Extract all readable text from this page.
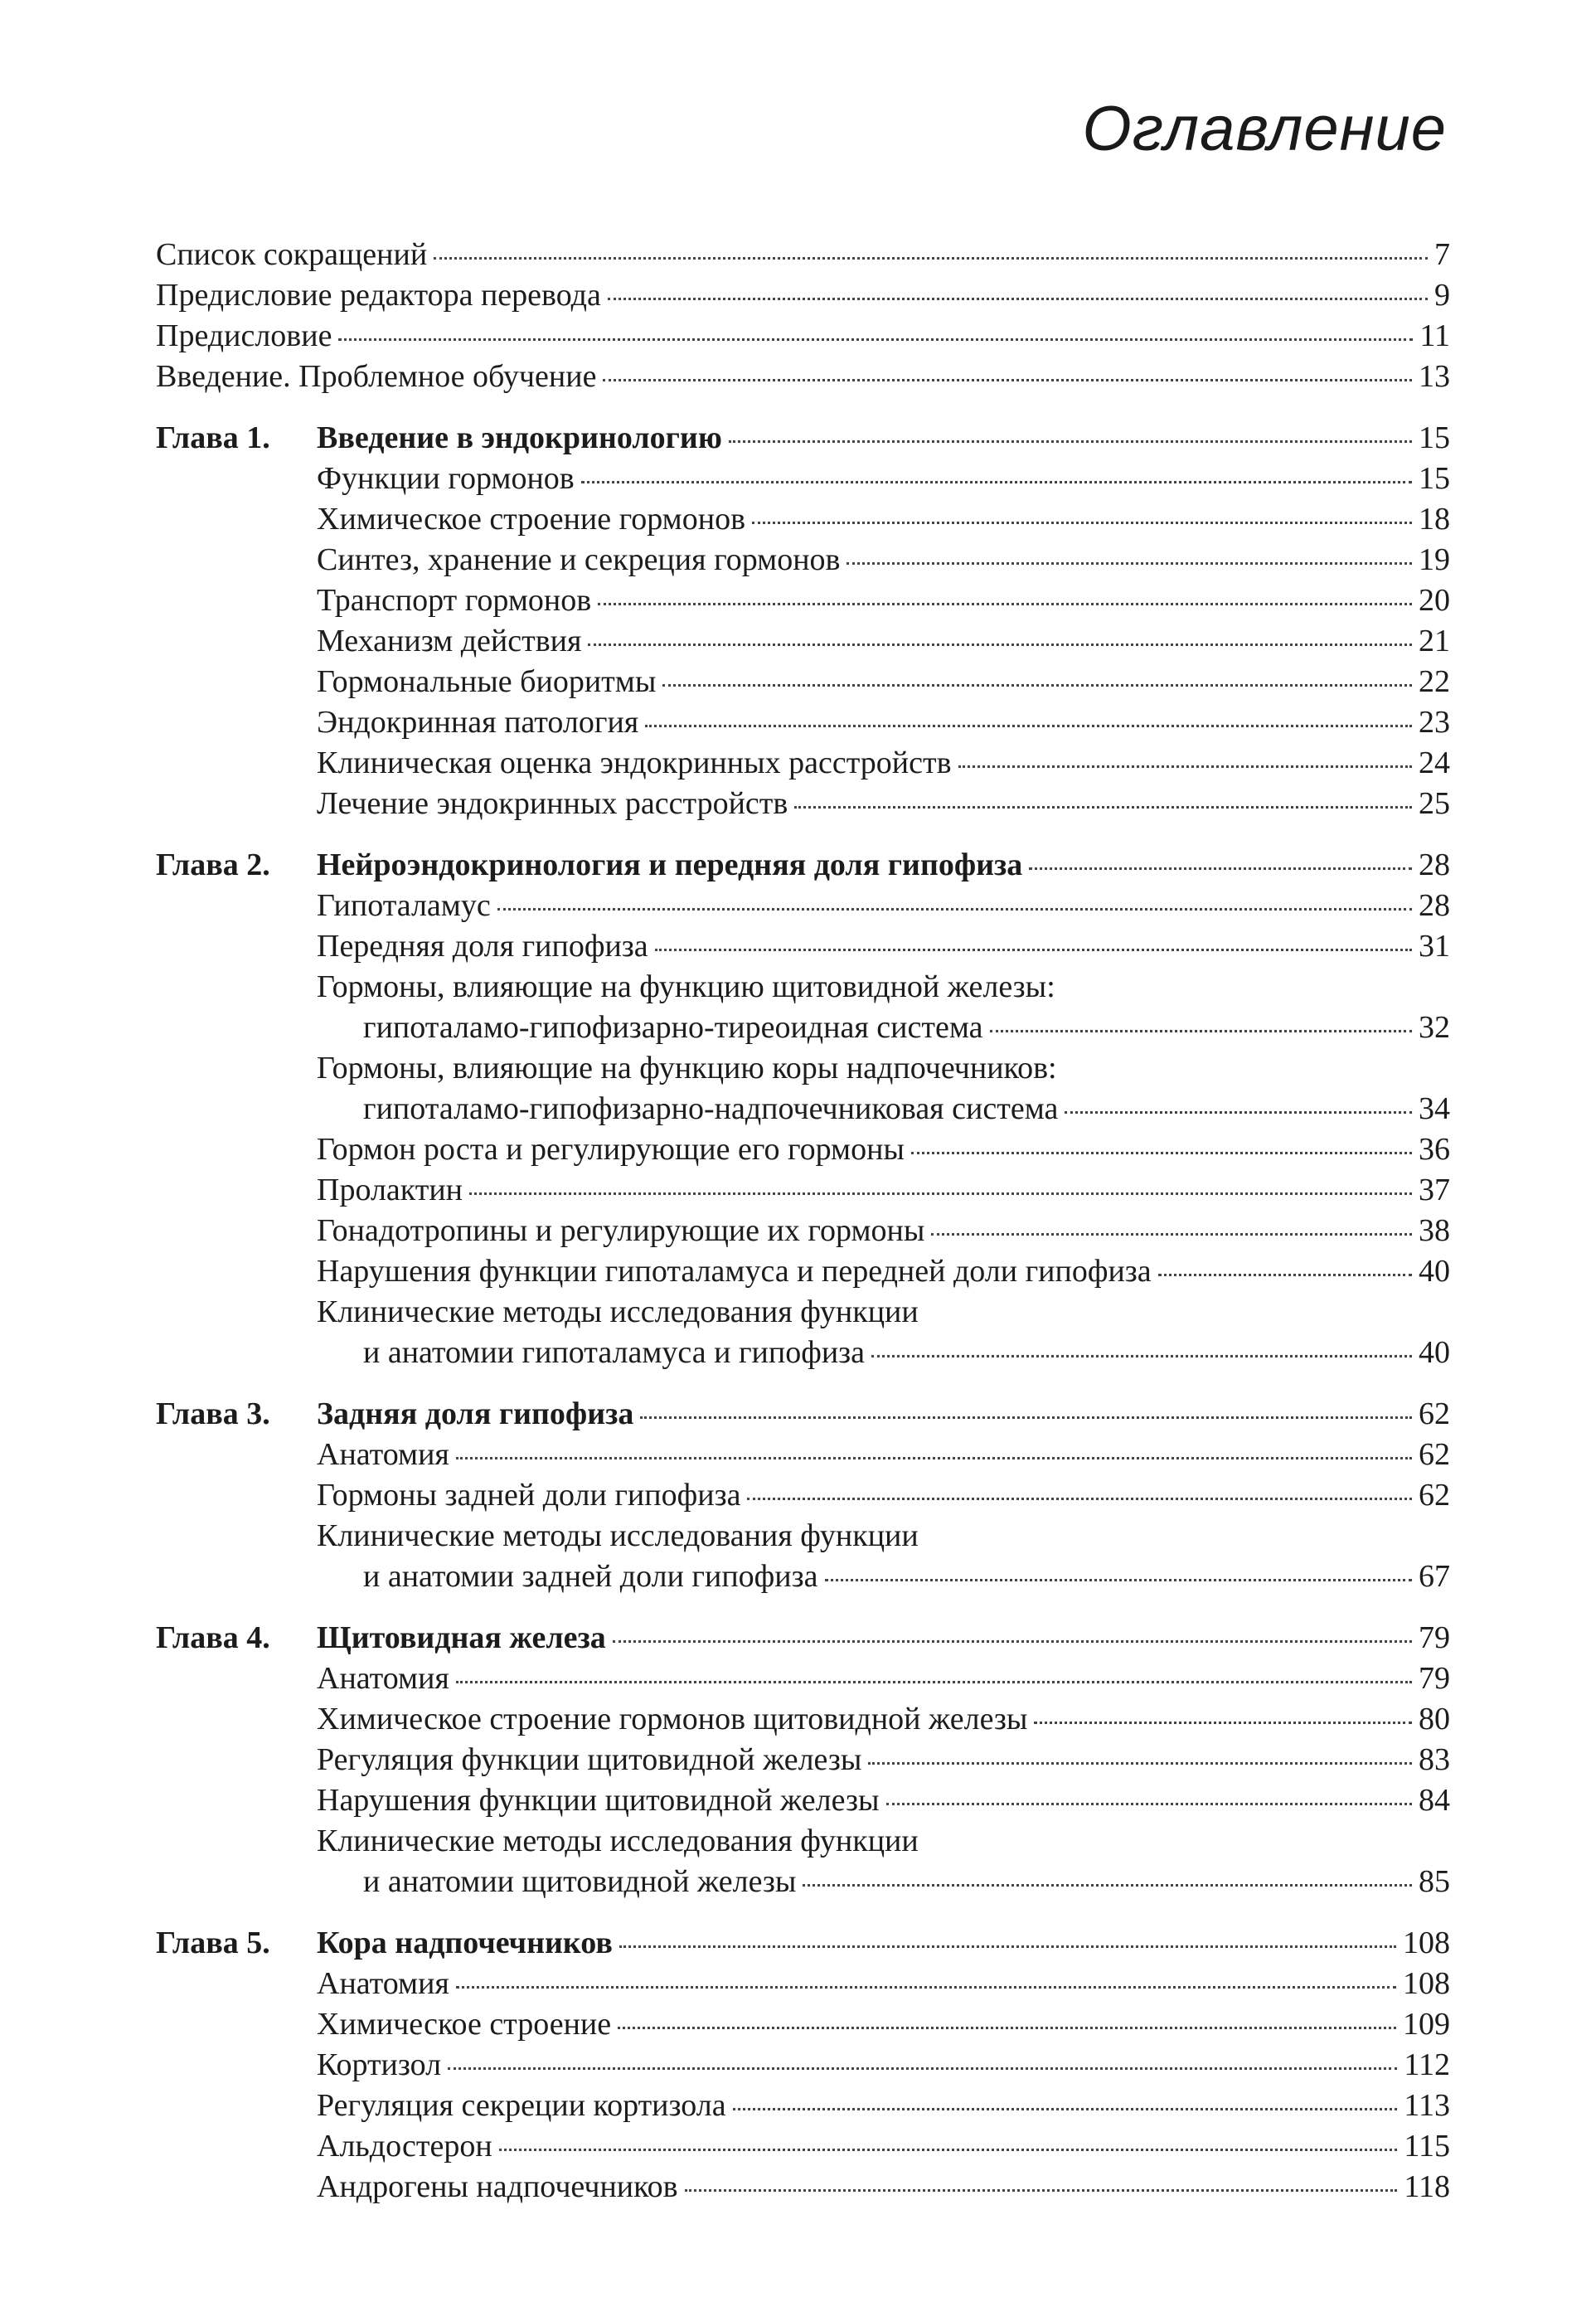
Оглавление
Список сокращений	7
Предисловие редактора перевода	9
Предисловие	11
Введение. Проблемное обучение	13
Глава 1.	Введение в эндокринологию	15
Функции гормонов	15
Химическое строение гормонов	18
Синтез, хранение и секреция гормонов	19
Транспорт гормонов	20
Механизм действия	21
Гормональные биоритмы	22
Эндокринная патология	23
Клиническая оценка эндокринных расстройств	24
Лечение эндокринных расстройств	25
Глава 2.	Нейроэндокринология и передняя доля гипофиза	28
Гипоталамус	28
Передняя доля гипофиза	31
Гормоны, влияющие на функцию щитовидной железы:
гипоталамо-гипофизарно-тиреоидная система	32
Гормоны, влияющие на функцию коры надпочечников:
гипоталамо-гипофизарно-надпочечниковая система	34
Гормон роста и регулирующие его гормоны	36
Пролактин	37
Гонадотропины и регулирующие их гормоны	38
Нарушения функции гипоталамуса и передней доли гипофиза	40
Клинические методы исследования функции
и анатомии гипоталамуса и гипофиза	40
Глава 3.	Задняя доля гипофиза	62
Анатомия	62
Гормоны задней доли гипофиза	62
Клинические методы исследования функции
и анатомии задней доли гипофиза	67
Глава 4.	Щитовидная железа	79
Анатомия	79
Химическое строение гормонов щитовидной железы	80
Регуляция функции щитовидной железы	83
Нарушения функции щитовидной железы	84
Клинические методы исследования функции
и анатомии щитовидной железы	85
Глава 5.	Кора надпочечников	108
Анатомия	108
Химическое строение	109
Кортизол	112
Регуляция секреции кортизола	113
Альдостерон	115
Андрогены надпочечников	118
